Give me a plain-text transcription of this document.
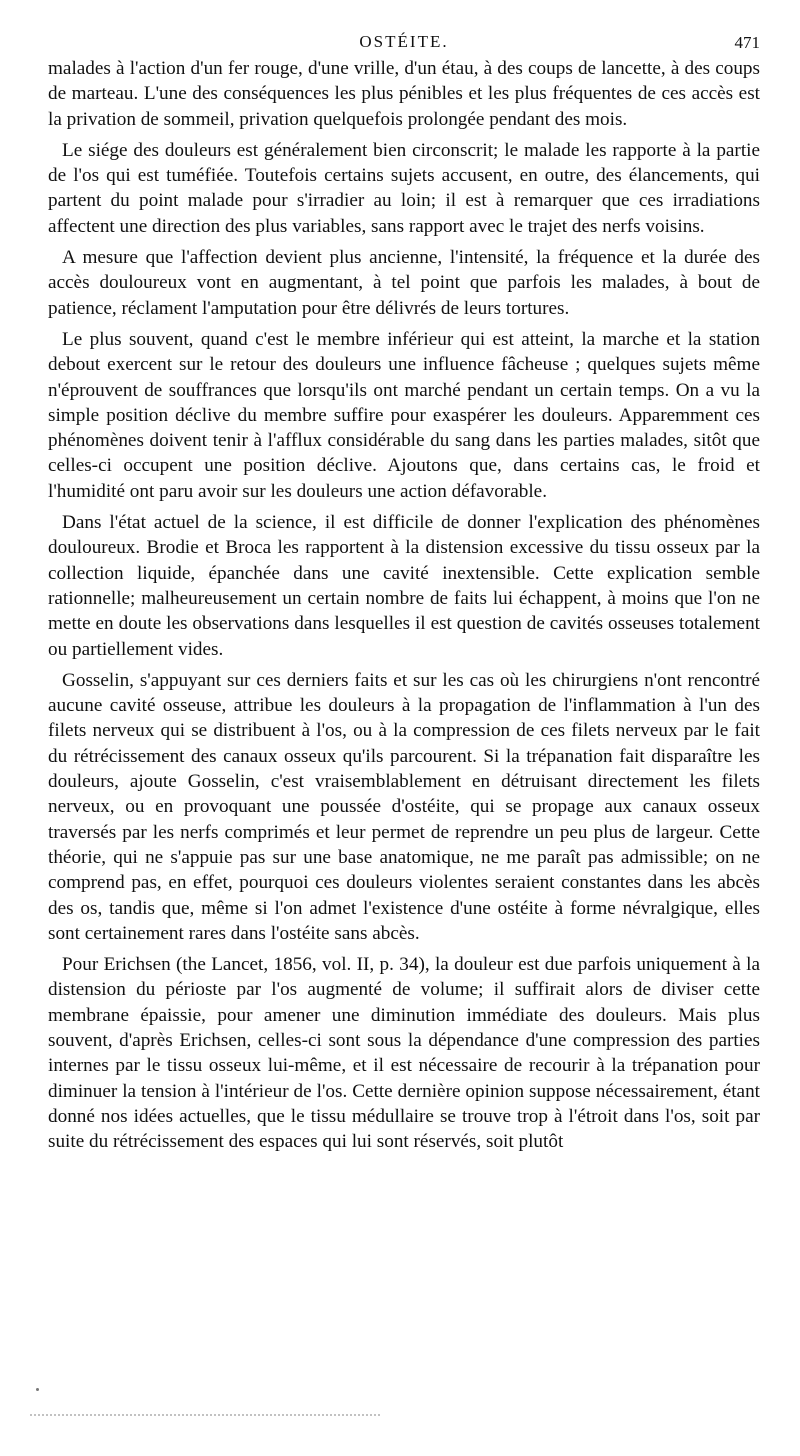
OSTÉITE.	471

malades à l'action d'un fer rouge, d'une vrille, d'un étau, à des coups de lancette, à des coups de marteau. L'une des conséquences les plus pénibles et les plus fréquentes de ces accès est la privation de sommeil, privation quelquefois prolongée pendant des mois.

Le siége des douleurs est généralement bien circonscrit; le malade les rapporte à la partie de l'os qui est tuméfiée. Toutefois certains sujets accusent, en outre, des élancements, qui partent du point malade pour s'irradier au loin; il est à remarquer que ces irradiations affectent une direction des plus variables, sans rapport avec le trajet des nerfs voisins.

A mesure que l'affection devient plus ancienne, l'intensité, la fréquence et la durée des accès douloureux vont en augmentant, à tel point que parfois les malades, à bout de patience, réclament l'amputation pour être délivrés de leurs tortures.

Le plus souvent, quand c'est le membre inférieur qui est atteint, la marche et la station debout exercent sur le retour des douleurs une influence fâcheuse ; quelques sujets même n'éprouvent de souffrances que lorsqu'ils ont marché pendant un certain temps. On a vu la simple position déclive du membre suffire pour exaspérer les douleurs. Apparemment ces phénomènes doivent tenir à l'afflux considérable du sang dans les parties malades, sitôt que celles-ci occupent une position déclive. Ajoutons que, dans certains cas, le froid et l'humidité ont paru avoir sur les douleurs une action défavorable.

Dans l'état actuel de la science, il est difficile de donner l'explication des phénomènes douloureux. Brodie et Broca les rapportent à la distension excessive du tissu osseux par la collection liquide, épanchée dans une cavité inextensible. Cette explication semble rationnelle; malheureusement un certain nombre de faits lui échappent, à moins que l'on ne mette en doute les observations dans lesquelles il est question de cavités osseuses totalement ou partiellement vides.

Gosselin, s'appuyant sur ces derniers faits et sur les cas où les chirurgiens n'ont rencontré aucune cavité osseuse, attribue les douleurs à la propagation de l'inflammation à l'un des filets nerveux qui se distribuent à l'os, ou à la compression de ces filets nerveux par le fait du rétrécissement des canaux osseux qu'ils parcourent. Si la trépanation fait disparaître les douleurs, ajoute Gosselin, c'est vraisemblablement en détruisant directement les filets nerveux, ou en provoquant une poussée d'ostéite, qui se propage aux canaux osseux traversés par les nerfs comprimés et leur permet de reprendre un peu plus de largeur. Cette théorie, qui ne s'appuie pas sur une base anatomique, ne me paraît pas admissible; on ne comprend pas, en effet, pourquoi ces douleurs violentes seraient constantes dans les abcès des os, tandis que, même si l'on admet l'existence d'une ostéite à forme névralgique, elles sont certainement rares dans l'ostéite sans abcès.

Pour Erichsen (the Lancet, 1856, vol. II, p. 34), la douleur est due parfois uniquement à la distension du périoste par l'os augmenté de volume; il suffirait alors de diviser cette membrane épaissie, pour amener une diminution immédiate des douleurs. Mais plus souvent, d'après Erichsen, celles-ci sont sous la dépendance d'une compression des parties internes par le tissu osseux lui-même, et il est nécessaire de recourir à la trépanation pour diminuer la tension à l'intérieur de l'os. Cette dernière opinion suppose nécessairement, étant donné nos idées actuelles, que le tissu médullaire se trouve trop à l'étroit dans l'os, soit par suite du rétrécissement des espaces qui lui sont réservés, soit plutôt
